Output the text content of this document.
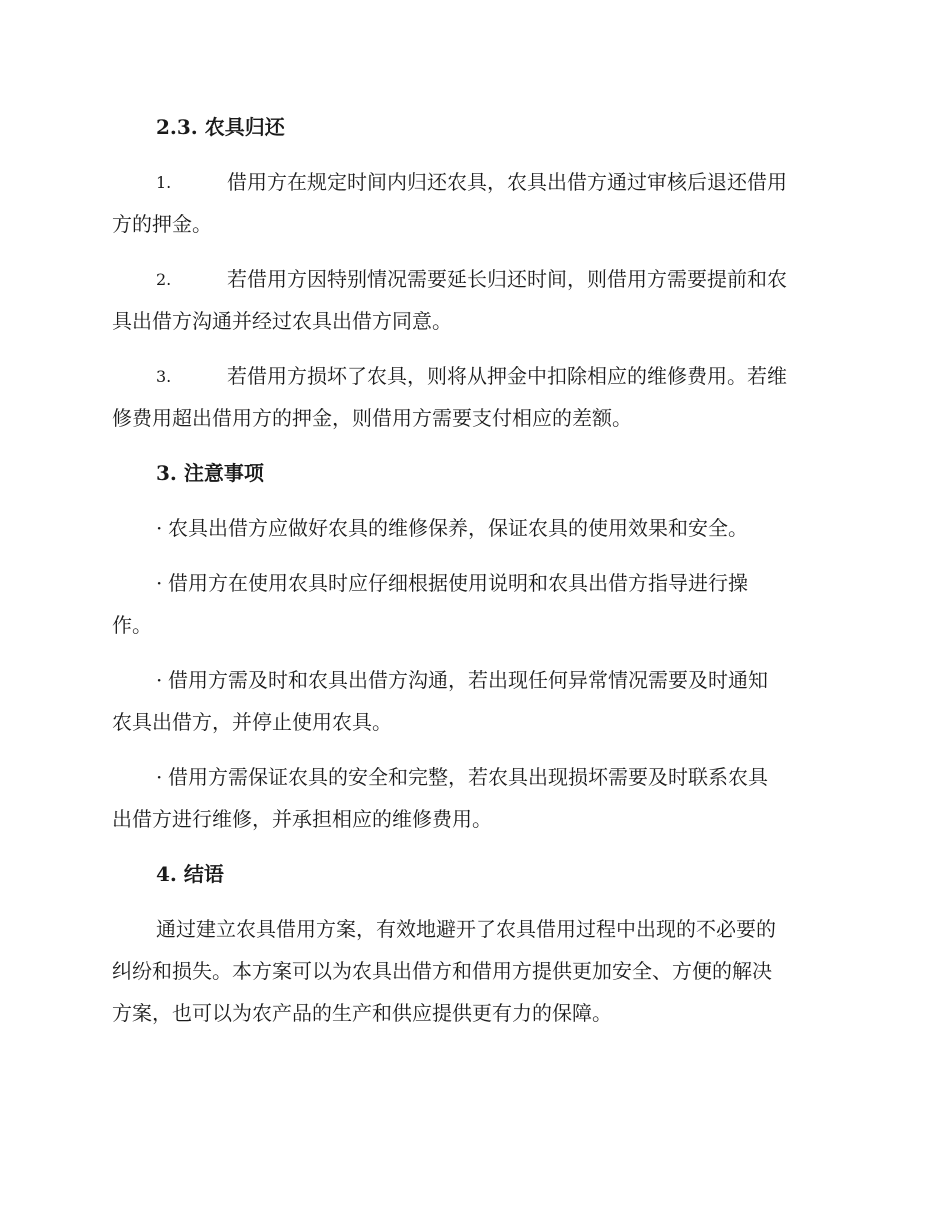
2.3. 农具归还
1.	借用方在规定时间内归还农具，农具出借方通过审核后退还借用
方的押金。
2.	若借用方因特别情况需要延长归还时间，则借用方需要提前和农
具出借方沟通并经过农具出借方同意。
3.	若借用方损坏了农具，则将从押金中扣除相应的维修费用。若维
修费用超出借用方的押金，则借用方需要支付相应的差额。
3. 注意事项
· 农具出借方应做好农具的维修保养，保证农具的使用效果和安全。
· 借用方在使用农具时应仔细根据使用说明和农具出借方指导进行操
作。
· 借用方需及时和农具出借方沟通，若出现任何异常情况需要及时通知
农具出借方，并停止使用农具。
· 借用方需保证农具的安全和完整，若农具出现损坏需要及时联系农具
出借方进行维修，并承担相应的维修费用。
4. 结语
通过建立农具借用方案，有效地避开了农具借用过程中出现的不必要的
纠纷和损失。本方案可以为农具出借方和借用方提供更加安全、方便的解决
方案，也可以为农产品的生产和供应提供更有力的保障。
